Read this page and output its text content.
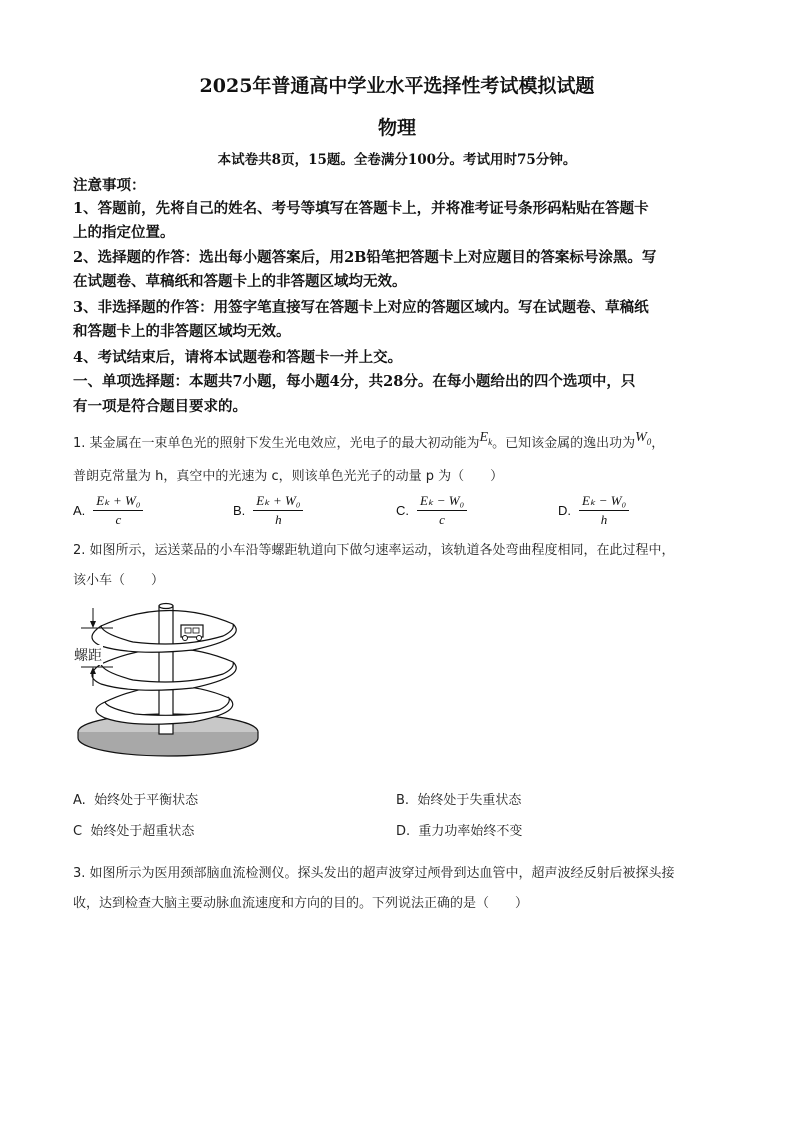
2025年普通高中学业水平选择性考试模拟试题
物理
本试卷共8页，15题。全卷满分100分。考试用时75分钟。
注意事项：
1、答题前，先将自己的姓名、考号等填写在答题卡上，并将准考证号条形码粘贴在答题卡
上的指定位置。
2、选择题的作答：选出每小题答案后，用2B铅笔把答题卡上对应题目的答案标号涂黑。写
在试题卷、草稿纸和答题卡上的非答题区域均无效。
3、非选择题的作答：用签字笔直接写在答题卡上对应的答题区域内。写在试题卷、草稿纸
和答题卡上的非答题区域均无效。
4、考试结束后，请将本试题卷和答题卡一并上交。
一、单项选择题：本题共7小题，每小题4分，共28分。在每小题给出的四个选项中，只
有一项是符合题目要求的。
1. 某金属在一束单色光的照射下发生光电效应，光电子的最大初动能为$E_k$。已知该金属的逸出功为$W_0$，
普朗克常量为 h，真空中的光速为 c，则该单色光光子的动量 p 为（　　）
A. $\frac{\text{Eₖ + W₀}}{c}$	B. $\frac{\text{Eₖ + W₀}}{h}$	C. $\frac{\text{Eₖ − W₀}}{c}$	D. $\frac{\text{Eₖ − W₀}}{h}$
2. 如图所示，运送菜品的小车沿等螺距轨道向下做匀速率运动，该轨道各处弯曲程度相同，在此过程中，
该小车（　　）
螺距
A. 始终处于平衡状态	B. 始终处于失重状态
C 始终处于超重状态	D. 重力功率始终不变
3. 如图所示为医用颈部脑血流检测仪。探头发出的超声波穿过颅骨到达血管中，超声波经反射后被探头接
收，达到检查大脑主要动脉血流速度和方向的目的。下列说法正确的是（　　）
